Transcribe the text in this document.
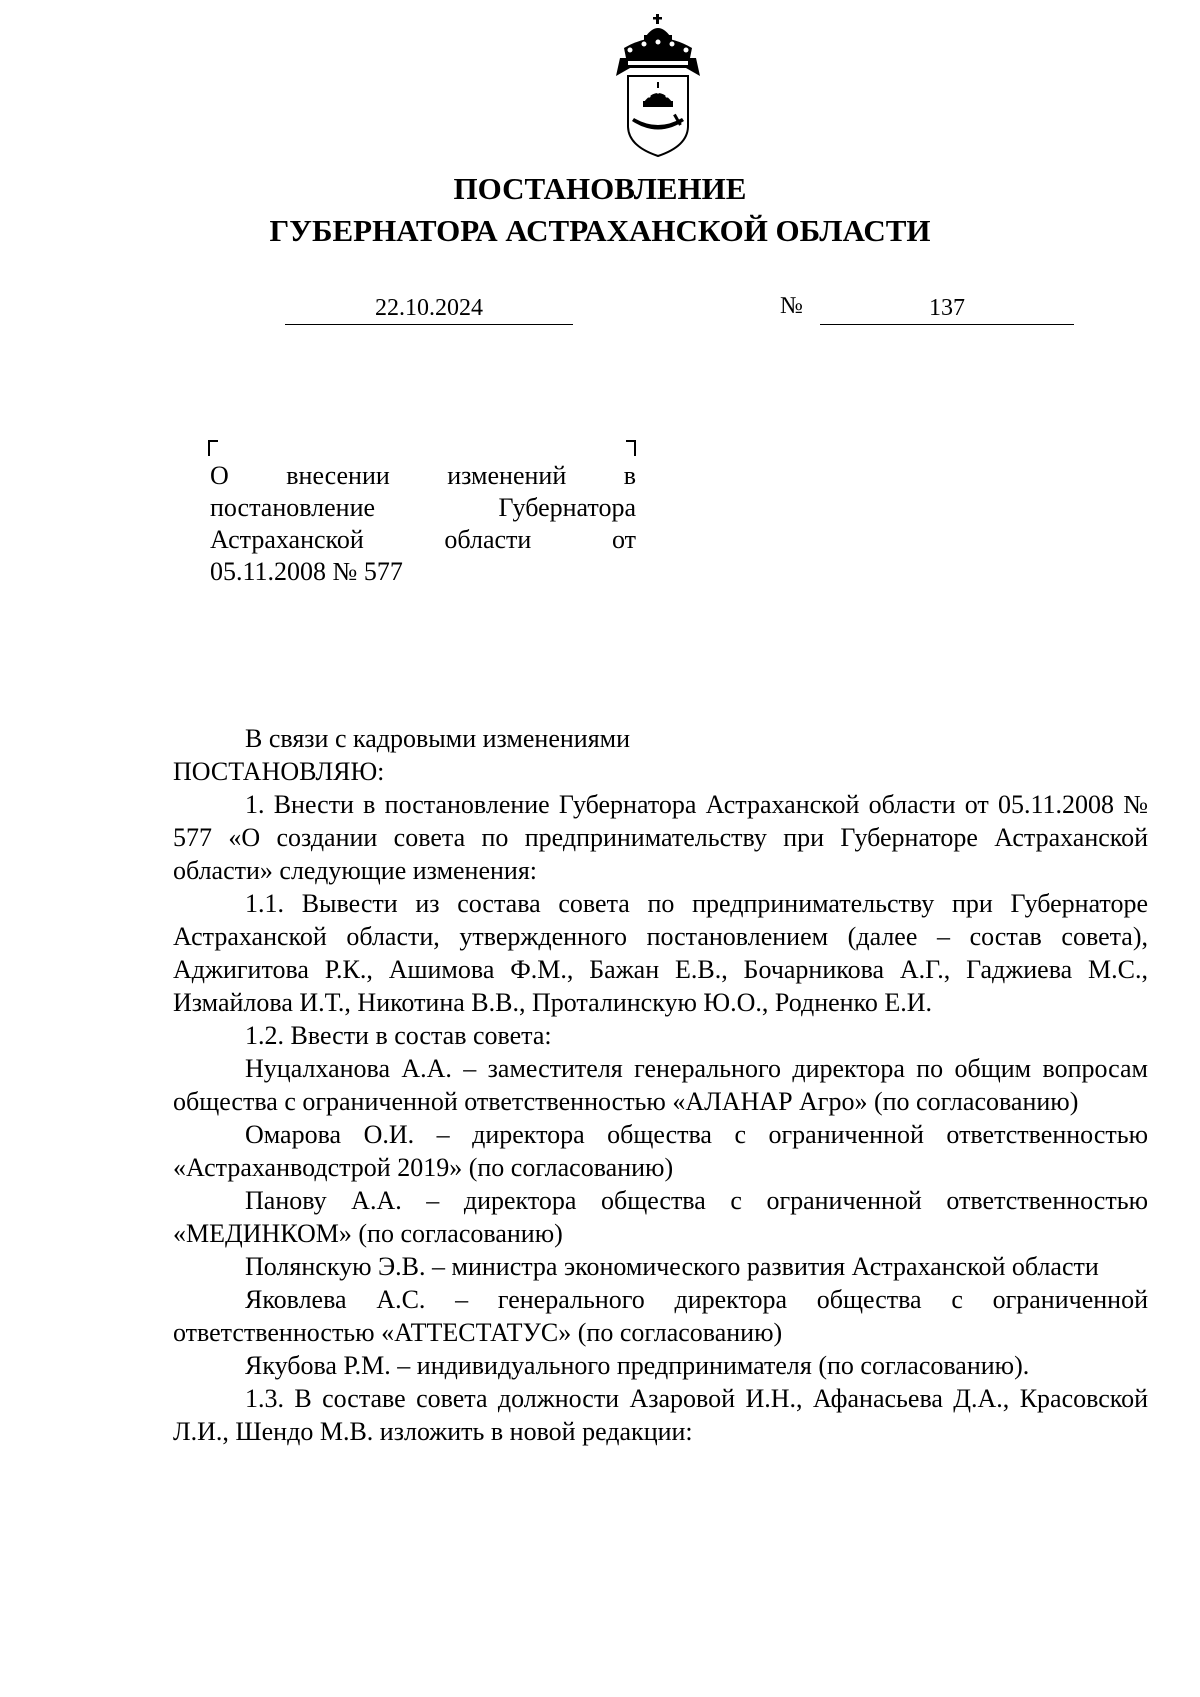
ПОСТАНОВЛЕНИЕ
ГУБЕРНАТОРА АСТРАХАНСКОЙ ОБЛАСТИ
22.10.2024	№	137
О внесении изменений в
постановление Губернатора
Астраханской области от
05.11.2008 № 577

В связи с кадровыми изменениями

ПОСТАНОВЛЯЮ:

1. Внести в постановление Губернатора Астраханской области от 05.11.2008 № 577 «О создании совета по предпринимательству при Губернаторе Астраханской области» следующие изменения:

1.1. Вывести из состава совета по предпринимательству при Губернаторе Астраханской области, утвержденного постановлением (далее – состав совета), Аджигитова Р.К., Ашимова Ф.М., Бажан Е.В., Бочарникова А.Г., Гаджиева М.С., Измайлова И.Т., Никотина В.В., Проталинскую Ю.О., Родненко Е.И.

1.2. Ввести в состав совета:

Нуцалханова А.А. – заместителя генерального директора по общим вопросам общества с ограниченной ответственностью «АЛАНАР Агро» (по согласованию)

Омарова О.И. – директора общества с ограниченной ответственностью «Астраханводстрой 2019» (по согласованию)

Панову А.А. – директора общества с ограниченной ответственностью «МЕДИНКОМ» (по согласованию)

Полянскую Э.В. – министра экономического развития Астраханской области

Яковлева А.С. – генерального директора общества с ограниченной ответственностью «АТТЕСТАТУС» (по согласованию)

Якубова Р.М. – индивидуального предпринимателя (по согласованию).

1.3. В составе совета должности Азаровой И.Н., Афанасьева Д.А., Красовской Л.И., Шендо М.В. изложить в новой редакции:
